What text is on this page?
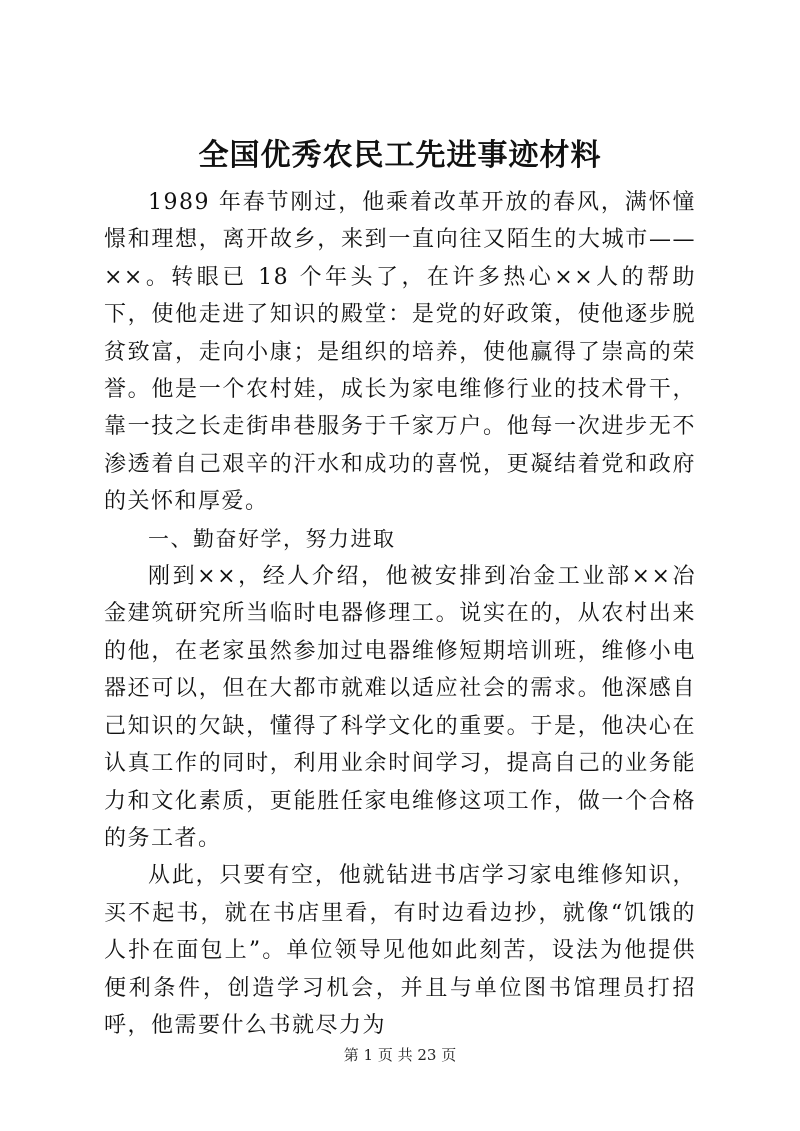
全国优秀农民工先进事迹材料

1989 年春节刚过，他乘着改革开放的春风，满怀憧憬和理想，离开故乡，来到一直向往又陌生的大城市——××。转眼已 18 个年头了，在许多热心××人的帮助下，使他走进了知识的殿堂：是党的好政策，使他逐步脱贫致富，走向小康；是组织的培养，使他赢得了崇高的荣誉。他是一个农村娃，成长为家电维修行业的技术骨干，靠一技之长走街串巷服务于千家万户。他每一次进步无不渗透着自己艰辛的汗水和成功的喜悦，更凝结着党和政府的关怀和厚爱。

一、勤奋好学，努力进取

刚到××，经人介绍，他被安排到冶金工业部××冶金建筑研究所当临时电器修理工。说实在的，从农村出来的他，在老家虽然参加过电器维修短期培训班，维修小电器还可以，但在大都市就难以适应社会的需求。他深感自己知识的欠缺，懂得了科学文化的重要。于是，他决心在认真工作的同时，利用业余时间学习，提高自己的业务能力和文化素质，更能胜任家电维修这项工作，做一个合格的务工者。

从此，只要有空，他就钻进书店学习家电维修知识，买不起书，就在书店里看，有时边看边抄，就像“饥饿的人扑在面包上”。单位领导见他如此刻苦，设法为他提供便利条件，创造学习机会，并且与单位图书馆理员打招呼，他需要什么书就尽力为

第 1 页 共 23 页
